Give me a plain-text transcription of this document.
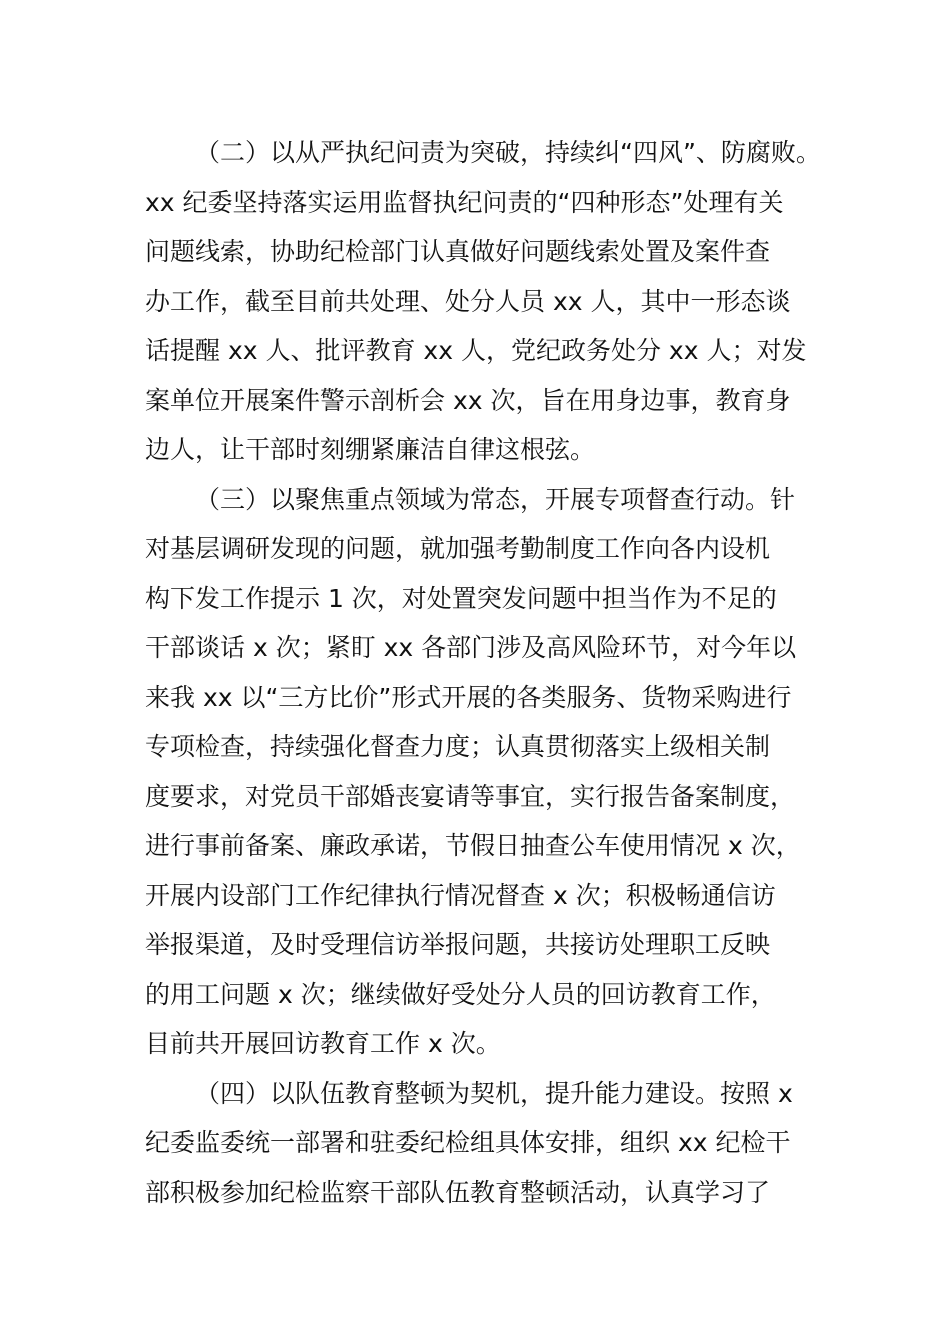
（二）以从严执纪问责为突破，持续纠“四风”、防腐败。
xx 纪委坚持落实运用监督执纪问责的“四种形态”处理有关
问题线索，协助纪检部门认真做好问题线索处置及案件查
办工作，截至目前共处理、处分人员 xx 人，其中一形态谈
话提醒 xx 人、批评教育 xx 人，党纪政务处分 xx 人；对发
案单位开展案件警示剖析会 xx 次，旨在用身边事，教育身
边人，让干部时刻绷紧廉洁自律这根弦。
（三）以聚焦重点领域为常态，开展专项督查行动。针
对基层调研发现的问题，就加强考勤制度工作向各内设机
构下发工作提示 1 次，对处置突发问题中担当作为不足的
干部谈话 x 次；紧盯 xx 各部门涉及高风险环节，对今年以
来我 xx 以“三方比价”形式开展的各类服务、货物采购进行
专项检查，持续强化督查力度；认真贯彻落实上级相关制
度要求，对党员干部婚丧宴请等事宜，实行报告备案制度，
进行事前备案、廉政承诺，节假日抽查公车使用情况 x 次，
开展内设部门工作纪律执行情况督查 x 次；积极畅通信访
举报渠道，及时受理信访举报问题，共接访处理职工反映
的用工问题 x 次；继续做好受处分人员的回访教育工作，
目前共开展回访教育工作 x 次。
（四）以队伍教育整顿为契机，提升能力建设。按照 x
纪委监委统一部署和驻委纪检组具体安排，组织 xx 纪检干
部积极参加纪检监察干部队伍教育整顿活动，认真学习了
